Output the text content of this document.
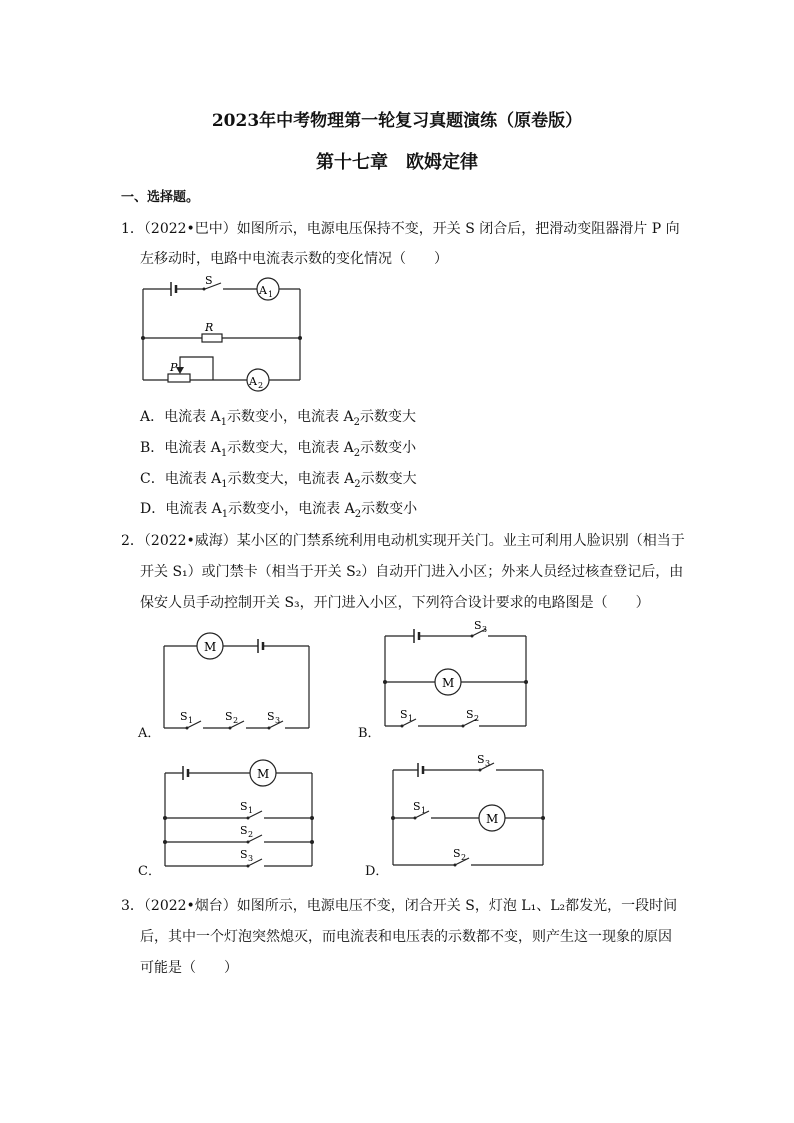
2023年中考物理第一轮复习真题演练（原卷版）
第十七章　欧姆定律
一、选择题。
1．（2022•巴中）如图所示，电源电压保持不变，开关 S 闭合后，把滑动变阻器滑片 P 向
左移动时，电路中电流表示数的变化情况（　　）
S
A 1
R
P
A 2
A．电流表 $A_1$示数变小，电流表 $A_2$示数变大
B．电流表 $A_1$示数变大，电流表 $A_2$示数变小
C．电流表 $A_1$示数变大，电流表 $A_2$示数变大
D．电流表 $A_1$示数变小，电流表 $A_2$示数变小
2．（2022•威海）某小区的门禁系统利用电动机实现开关门。业主可利用人脸识别（相当于
开关 S₁）或门禁卡（相当于开关 S₂）自动开门进入小区；外来人员经过核查登记后，由
保安人员手动控制开关 S₃，开门进入小区，下列符合设计要求的电路图是（　　）
A．
M
S 1	S 2	S 3
B．
M
S 3
S 1	S 2
C．
M
S 1
S 2
S 3
D．
M
S 3
S 1
S 2
3．（2022•烟台）如图所示，电源电压不变，闭合开关 S，灯泡 L₁、L₂都发光，一段时间
后，其中一个灯泡突然熄灭，而电流表和电压表的示数都不变，则产生这一现象的原因
可能是（　　）
